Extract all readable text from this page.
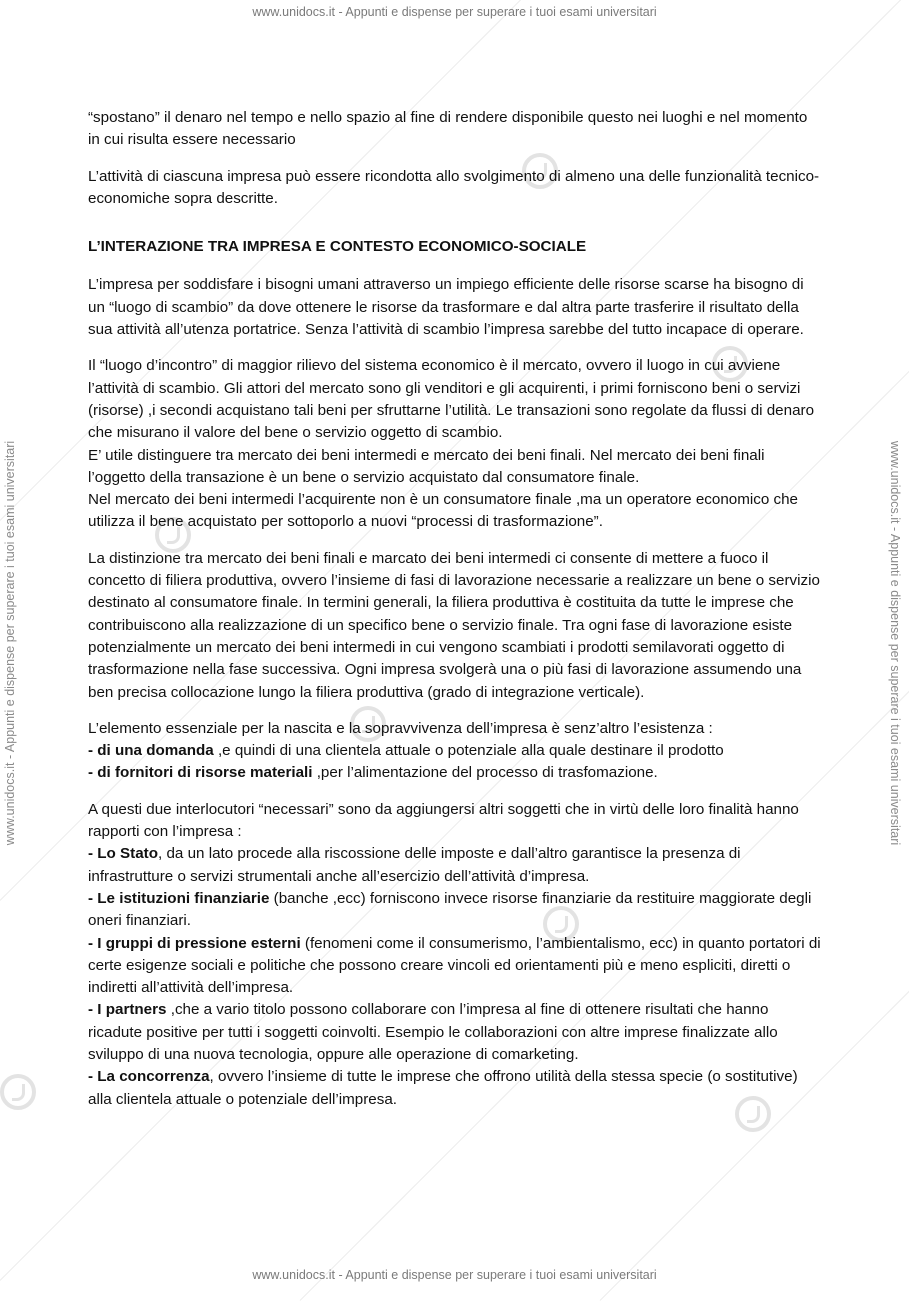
www.unidocs.it - Appunti e dispense per superare i tuoi esami universitari
www.unidocs.it - Appunti e dispense per superare i tuoi esami universitari
www.unidocs.it - Appunti e dispense per superare i tuoi esami universitari	www.unidocs.it - Appunti e dispense per superare i tuoi esami universitari

“spostano” il denaro nel tempo e nello spazio al fine di rendere disponibile questo nei luoghi e nel momento in cui risulta essere necessario

L’attività di ciascuna impresa può essere ricondotta allo svolgimento di almeno una delle funzionalità tecnico-economiche sopra descritte.

L’INTERAZIONE TRA IMPRESA E CONTESTO ECONOMICO-SOCIALE

L’impresa per soddisfare i bisogni umani attraverso un impiego efficiente delle risorse scarse ha bisogno di un “luogo di scambio” da dove ottenere le risorse da trasformare e dal altra parte trasferire il risultato della sua attività all’utenza portatrice. Senza l’attività di scambio l’impresa sarebbe del tutto incapace di operare.

Il “luogo d’incontro” di maggior rilievo del sistema economico è il mercato, ovvero il luogo in cui avviene l’attività di scambio. Gli attori del mercato sono gli venditori e gli acquirenti, i primi forniscono beni o servizi (risorse) ,i secondi acquistano tali beni per sfruttarne l’utilità. Le transazioni sono regolate da flussi di denaro che misurano il valore del bene o servizio oggetto di scambio.
E’ utile distinguere tra mercato dei beni intermedi e mercato dei beni finali. Nel mercato dei beni finali l’oggetto della transazione è un bene o servizio acquistato dal consumatore finale.
Nel mercato dei beni intermedi l’acquirente non è un consumatore finale ,ma un operatore economico che utilizza il bene acquistato per sottoporlo a nuovi “processi di trasformazione”.

La distinzione tra mercato dei beni finali e marcato dei beni intermedi ci consente di mettere a fuoco il concetto di filiera produttiva, ovvero l’insieme di fasi di lavorazione necessarie a realizzare un bene o servizio destinato al consumatore finale. In termini generali, la filiera produttiva è costituita da tutte le imprese che contribuiscono alla realizzazione di un specifico bene o servizio finale. Tra ogni fase di lavorazione esiste potenzialmente un mercato dei beni intermedi in cui vengono scambiati i prodotti semilavorati oggetto di trasformazione nella fase successiva. Ogni impresa svolgerà una o più fasi di lavorazione assumendo una ben precisa collocazione lungo la filiera produttiva (grado di integrazione verticale).

L’elemento essenziale per la nascita e la sopravvivenza dell’impresa è senz’altro l’esistenza :
- di una domanda ,e quindi di una clientela attuale o potenziale alla quale destinare il prodotto
- di fornitori di risorse materiali ,per l’alimentazione del processo di trasfomazione.

A questi due interlocutori “necessari” sono da aggiungersi altri soggetti che in virtù delle loro finalità hanno rapporti con l’impresa :
- Lo Stato, da un lato procede alla riscossione delle imposte e dall’altro garantisce la presenza di infrastrutture o servizi strumentali anche all’esercizio dell’attività d’impresa.
- Le istituzioni finanziarie (banche ,ecc) forniscono invece risorse finanziarie da restituire maggiorate degli oneri finanziari.
- I gruppi di pressione esterni (fenomeni come il consumerismo, l’ambientalismo, ecc) in quanto portatori di certe esigenze sociali e politiche che possono creare vincoli ed orientamenti più e meno espliciti, diretti o indiretti all’attività dell’impresa.
- I partners ,che a vario titolo possono collaborare con l’impresa al fine di ottenere risultati che hanno ricadute positive per tutti i soggetti coinvolti. Esempio le collaborazioni con altre imprese finalizzate allo sviluppo di una nuova tecnologia, oppure alle operazione di comarketing.
- La concorrenza, ovvero l’insieme di tutte le imprese che offrono utilità della stessa specie (o sostitutive) alla clientela attuale o potenziale dell’impresa.
